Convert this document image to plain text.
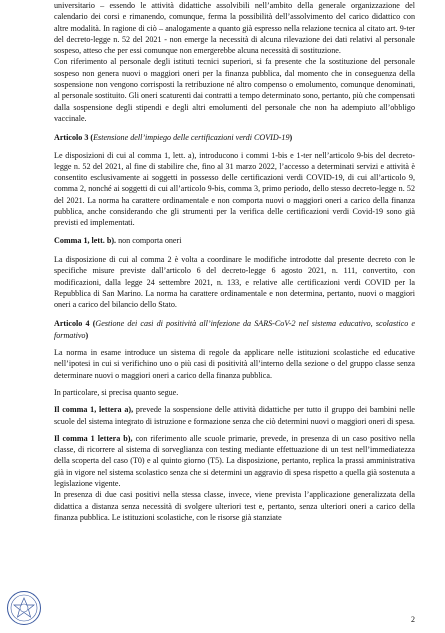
universitario – essendo le attività didattiche assolvibili nell’ambito della generale organizzazione del calendario dei corsi e rimanendo, comunque, ferma la possibilità dell’assolvimento del carico didattico con altre modalità. In ragione di ciò – analogamente a quanto già espresso nella relazione tecnica al citato art. 9-ter del decreto-legge n. 52 del 2021 - non emerge la necessità di alcuna rilevazione dei dati relativi al personale sospeso, atteso che per essi comunque non emergerebbe alcuna necessità di sostituzione.

Con riferimento al personale degli istituti tecnici superiori, si fa presente che la sostituzione del personale sospeso non genera nuovi o maggiori oneri per la finanza pubblica, dal momento che in conseguenza della sospensione non vengono corrisposti la retribuzione né altro compenso o emolumento, comunque denominati, al personale sostituito. Gli oneri scaturenti dai contratti a tempo determinato sono, pertanto, più che compensati dalla sospensione degli stipendi e degli altri emolumenti del personale che non ha adempiuto all’obbligo vaccinale.

Articolo 3 (Estensione dell’impiego delle certificazioni verdi COVID-19)

Le disposizioni di cui al comma 1, lett. a), introducono i commi 1-bis e 1-ter nell’articolo 9-bis del decreto-legge n. 52 del 2021, al fine di stabilire che, fino al 31 marzo 2022, l’accesso a determinati servizi e attività è consentito esclusivamente ai soggetti in possesso delle certificazioni verdi COVID-19, di cui all’articolo 9, comma 2, nonché ai soggetti di cui all’articolo 9-bis, comma 3, primo periodo, dello stesso decreto-legge n. 52 del 2021. La norma ha carattere ordinamentale e non comporta nuovi o maggiori oneri a carico della finanza pubblica, anche considerando che gli strumenti per la verifica delle certificazioni verdi Covid-19 sono già previsti ed implementati.

Comma 1, lett. b). non comporta oneri

La disposizione di cui al comma 2 è volta a coordinare le modifiche introdotte dal presente decreto con le specifiche misure previste dall’articolo 6 del decreto-legge 6 agosto 2021, n. 111, convertito, con modificazioni, dalla legge 24 settembre 2021, n. 133, e relative alle certificazioni verdi COVID per la Repubblica di San Marino. La norma ha carattere ordinamentale e non determina, pertanto, nuovi o maggiori oneri a carico del bilancio dello Stato.

Articolo 4 (Gestione dei casi di positività all’infezione da SARS-CoV-2 nel sistema educativo, scolastico e formativo)

La norma in esame introduce un sistema di regole da applicare nelle istituzioni scolastiche ed educative nell’ipotesi in cui si verifichino uno o più casi di positività all’interno della sezione o del gruppo classe senza determinare nuovi o maggiori oneri a carico della finanza pubblica.

In particolare, si precisa quanto segue.

Il comma 1, lettera a), prevede la sospensione delle attività didattiche per tutto il gruppo dei bambini nelle scuole del sistema integrato di istruzione e formazione senza che ciò determini nuovi o maggiori oneri di spesa.

Il comma 1 lettera b), con riferimento alle scuole primarie, prevede, in presenza di un caso positivo nella classe, di ricorrere al sistema di sorveglianza con testing mediante effettuazione di un test nell’immediatezza della scoperta del caso (T0) e al quinto giorno (T5). La disposizione, pertanto, replica la prassi amministrativa già in vigore nel sistema scolastico senza che si determini un aggravio di spesa rispetto a quella già sostenuta a legislazione vigente.

In presenza di due casi positivi nella stessa classe, invece, viene prevista l’applicazione generalizzata della didattica a distanza senza necessità di svolgere ulteriori test e, pertanto, senza ulteriori oneri a carico della finanza pubblica. Le istituzioni scolastiche, con le risorse già stanziate

2
